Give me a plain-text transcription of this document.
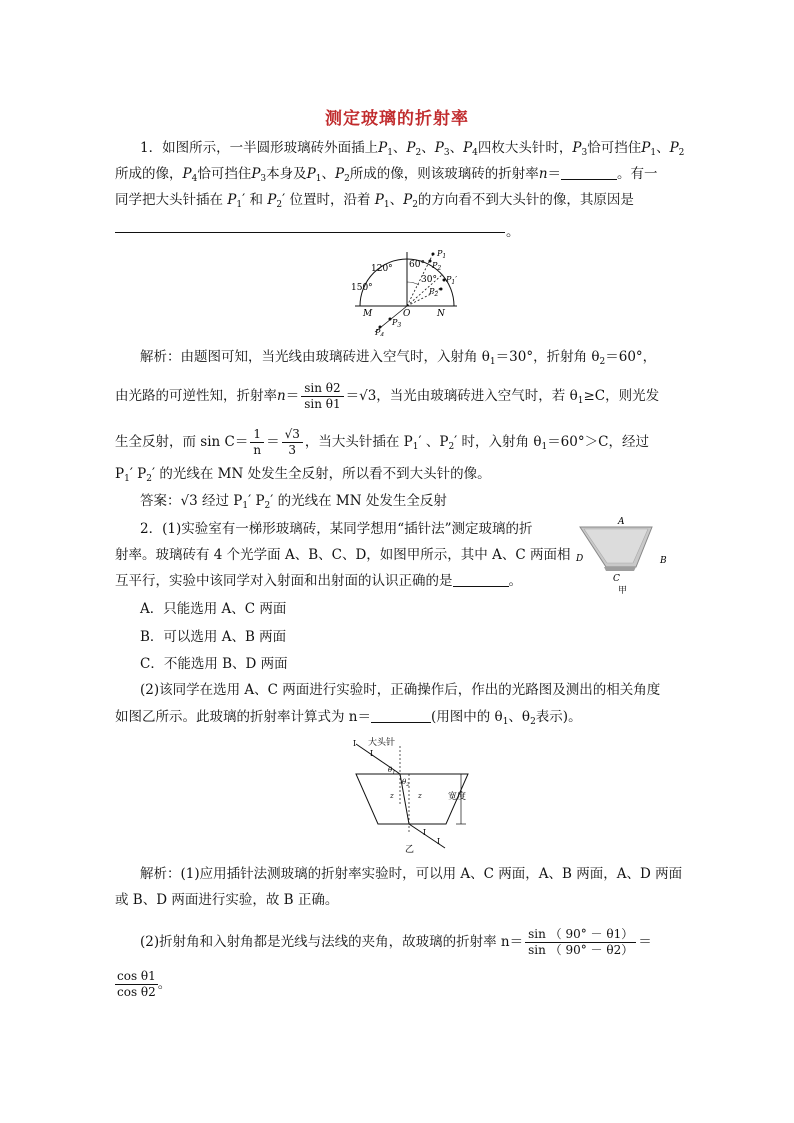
测定玻璃的折射率
1．如图所示，一半圆形玻璃砖外面插上$P_1$、$P_2$、$P_3$、$P_4$四枚大头针时，$P_3$恰可挡住$P_1$、$P_2$
所成的像，$P_4$恰可挡住$P_3$本身及$P_1$、$P_2$所成的像，则该玻璃砖的折射率n＝	。有一
同学把大头针插在 $P_1'$ 和 $P_2'$ 位置时，沿着 $P_1$、$P_2$的方向看不到大头针的像，其原因是
。
120°
150°
60°
30°
M	O	N
$P_1$
$P_2$
$P_1'$
$P_2'$
$P_3$
$P_4$
解析：由题图可知，当光线由玻璃砖进入空气时，入射角 $\theta_1=30^\circ$，折射角 $\theta_2=60^\circ$，
由光路的可逆性知，折射率$n= \frac{\text{sin θ2}}{\text{sin θ1}} =√3$，当光由玻璃砖进入空气时，若 $\theta_1\ge C$，则光发
生全反射，而 $\sin C= \frac{1}{n} = \frac{√3}{3}$ ，当大头针插在 $P_1'$ 、$P_2'$ 时，入射角 $\theta_1=60^\circ>C$，经过
$P_1'$ $P_2'$ 的光线在 MN 处发生全反射，所以看不到大头针的像。
答案：√3 经过 $P_1'$ $P_2'$ 的光线在 MN 处发生全反射
2．(1)实验室有一梯形玻璃砖，某同学想用“插针法”测定玻璃的折
射率。玻璃砖有 4 个光学面 A、B、C、D，如图甲所示，其中 A、C 两面相
互平行，实验中该同学对入射面和出射面的认识正确的是	。
A．只能选用 A、C 两面
B．可以选用 A、B 两面
C．不能选用 B、D 两面
A
B
C
D
甲
(2)该同学在选用 A、C 两面进行实验时，正确操作后，作出的光路图及测出的相关角度
如图乙所示。此玻璃的折射率计算式为 n＝	(用图中的 $\theta_1$、$\theta_2$表示)。
I
I
I
I
大头针
$\theta_1$
$\theta_2$
z	z	宽度
乙
解析：(1)应用插针法测玻璃的折射率实验时，可以用 A、C 两面，A、B 两面，A、D 两面
或 B、D 两面进行实验，故 B 正确。
(2)折射角和入射角都是光线与法线的夹角，故玻璃的折射率 $n= \frac{\sin ( 90^\circ - \theta 1)}{\sin ( 90^\circ - \theta 2)}$ ＝
$\frac{\text{cos θ1}}{\text{cos θ2}}$ 。
